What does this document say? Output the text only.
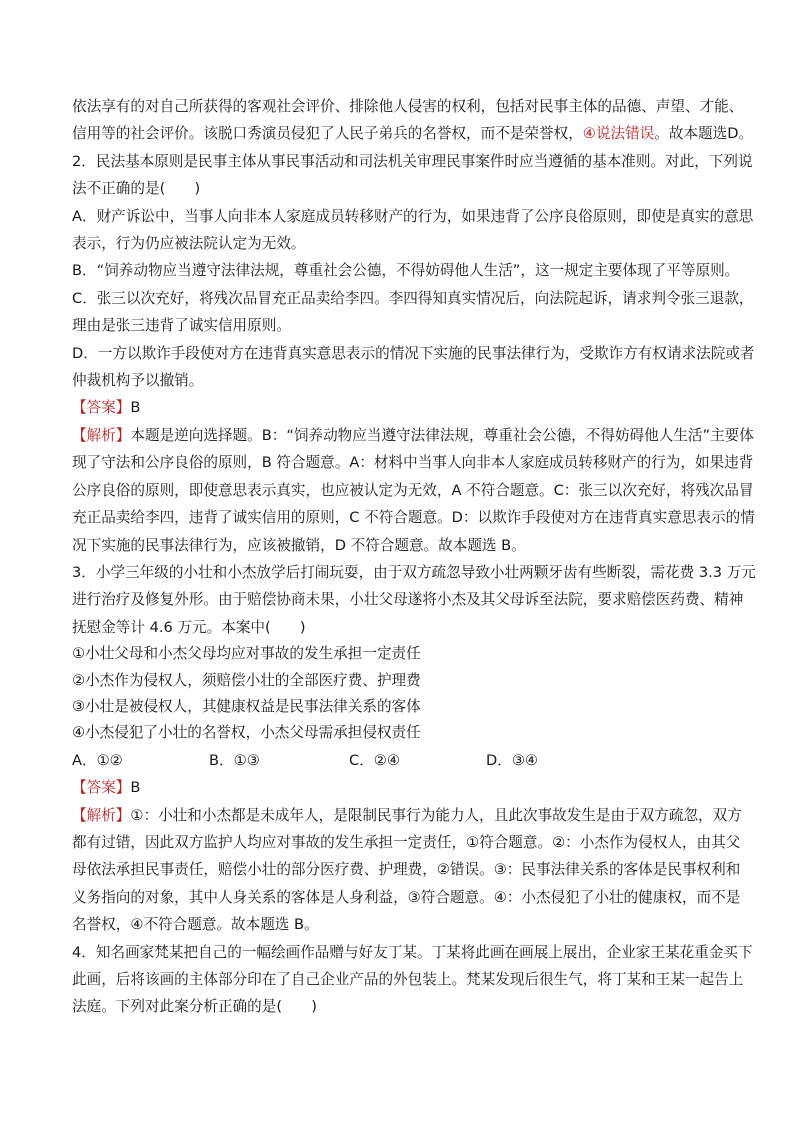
依法享有的对自己所获得的客观社会评价、排除他人侵害的权利，包括对民事主体的品德、声望、才能、
信用等的社会评价。该脱口秀演员侵犯了人民子弟兵的名誉权，而不是荣誉权，④说法错误。故本题选D。
2．民法基本原则是民事主体从事民事活动和司法机关审理民事案件时应当遵循的基本准则。对此，下列说
法不正确的是(　　)
A．财产诉讼中，当事人向非本人家庭成员转移财产的行为，如果违背了公序良俗原则，即使是真实的意思
表示，行为仍应被法院认定为无效。
B．“饲养动物应当遵守法律法规，尊重社会公德，不得妨碍他人生活”，这一规定主要体现了平等原则。
C．张三以次充好，将残次品冒充正品卖给李四。李四得知真实情况后，向法院起诉，请求判令张三退款，
理由是张三违背了诚实信用原则。
D．一方以欺诈手段使对方在违背真实意思表示的情况下实施的民事法律行为，受欺诈方有权请求法院或者
仲裁机构予以撤销。
【答案】B
【解析】本题是逆向选择题。B：“饲养动物应当遵守法律法规，尊重社会公德，不得妨碍他人生活”主要体
现了守法和公序良俗的原则，B 符合题意。A：材料中当事人向非本人家庭成员转移财产的行为，如果违背
公序良俗的原则，即使意思表示真实，也应被认定为无效，A 不符合题意。C：张三以次充好，将残次品冒
充正品卖给李四，违背了诚实信用的原则，C 不符合题意。D：以欺诈手段使对方在违背真实意思表示的情
况下实施的民事法律行为，应该被撤销，D 不符合题意。故本题选 B。
3．小学三年级的小壮和小杰放学后打闹玩耍，由于双方疏忽导致小壮两颗牙齿有些断裂，需花费 3.3 万元
进行治疗及修复外形。由于赔偿协商未果，小壮父母遂将小杰及其父母诉至法院，要求赔偿医药费、精神
抚慰金等计 4.6 万元。本案中(　　)
①小壮父母和小杰父母均应对事故的发生承担一定责任
②小杰作为侵权人，须赔偿小壮的全部医疗费、护理费
③小壮是被侵权人，其健康权益是民事法律关系的客体
④小杰侵犯了小壮的名誉权，小杰父母需承担侵权责任
A．①②	B．①③	C．②④	D．③④
【答案】B
【解析】①：小壮和小杰都是未成年人，是限制民事行为能力人，且此次事故发生是由于双方疏忽，双方
都有过错，因此双方监护人均应对事故的发生承担一定责任，①符合题意。②：小杰作为侵权人，由其父
母依法承担民事责任，赔偿小壮的部分医疗费、护理费，②错误。③：民事法律关系的客体是民事权利和
义务指向的对象，其中人身关系的客体是人身利益，③符合题意。④：小杰侵犯了小壮的健康权，而不是
名誉权，④不符合题意。故本题选 B。
4．知名画家梵某把自己的一幅绘画作品赠与好友丁某。丁某将此画在画展上展出，企业家王某花重金买下
此画，后将该画的主体部分印在了自己企业产品的外包装上。梵某发现后很生气，将丁某和王某一起告上
法庭。下列对此案分析正确的是(　　)
